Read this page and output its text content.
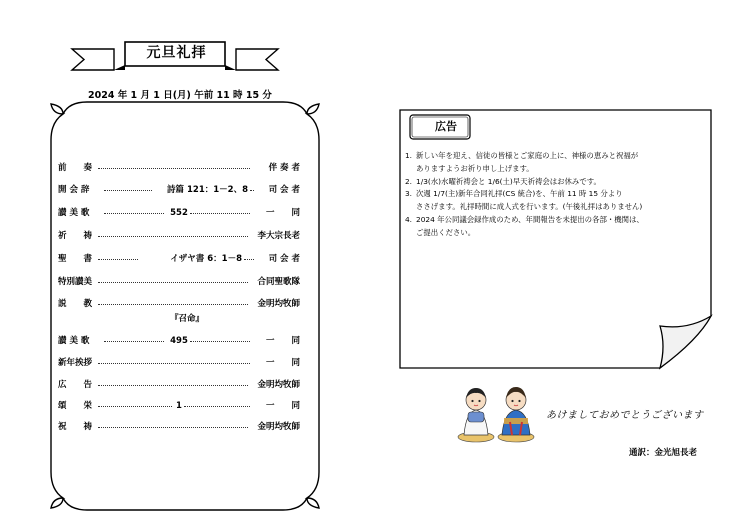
元旦礼拝
2024 年 1 月 1 日(月) 午前 11 時 15 分
前　　奏	伴 奏 者
開 会 辞	詩篇 121：1－2、8 司 会 者
讃 美 歌	552	一　　同
祈　　祷	李大宗長老
聖　　書	イザヤ書 6：1－8	司 会 者
特別讃美	合同聖歌隊
説　　教	金明均牧師
『召命』
讃 美 歌	495	一　　同
新年挨拶	一　　同
広　　告	金明均牧師
頌　　栄	1	一　　同
祝　　祷	金明均牧師
通訳：金光旭長老
広告
1. 新しい年を迎え、信徒の皆様とご家庭の上に、神様の恵みと祝福が
ありますようお祈り申し上げます。
2. 1/3(水)水曜祈祷会と 1/6(土)早天祈祷会はお休みです。
3. 次週 1/7(主)新年合同礼拝(CS 統合)を、午前 11 時 15 分より
ささげます。礼拝時間に成人式を行います。(午後礼拝はありません)
4. 2024 年公同議会録作成のため、年間報告を未提出の各部・機関は、
ご提出ください。
あけましておめでとうございます
